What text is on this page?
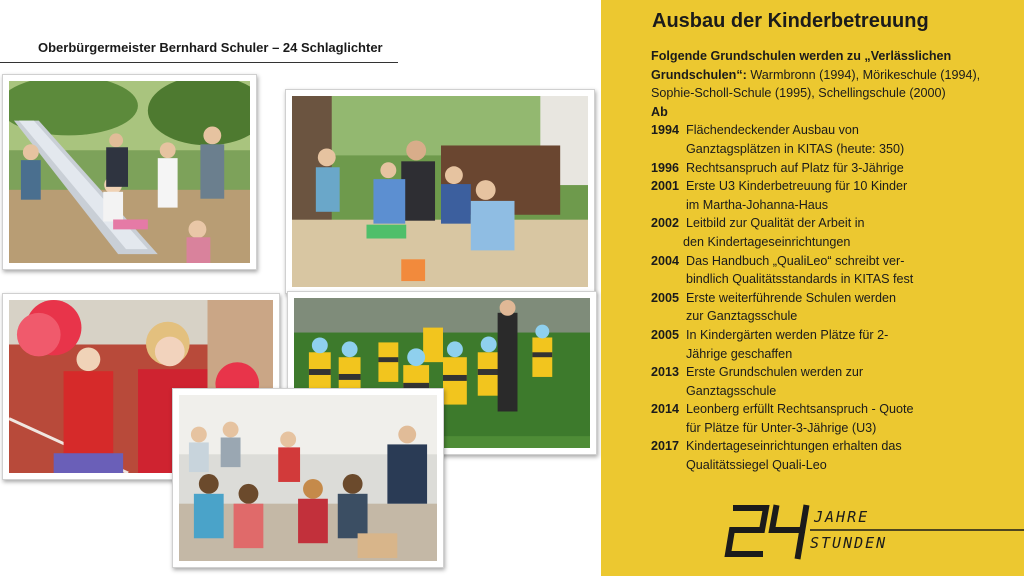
Oberbürgermeister Bernhard Schuler – 24 Schlaglichter
Ausbau der Kinderbetreuung
Folgende Grundschulen werden zu „Verlässlichen Grundschulen“: Warmbronn (1994), Mörikeschule (1994), Sophie-Scholl-Schule (1995), Schellingschule (2000)
Ab
1994 Flächendeckender Ausbau von
Ganztagsplätzen in KITAS (heute: 350)
1996 Rechtsanspruch auf Platz für 3-Jährige
2001 Erste U3 Kinderbetreuung für 10 Kinder
im Martha-Johanna-Haus
2002 Leitbild zur Qualität der Arbeit in
den Kindertageseinrichtungen
2004 Das Handbuch „QualiLeo“ schreibt ver-
bindlich Qualitätsstandards in KITAS fest
2005 Erste weiterführende Schulen werden
zur Ganztagsschule
2005 In Kindergärten werden Plätze für 2-
Jährige geschaffen
2013 Erste Grundschulen werden zur
Ganztagsschule
2014 Leonberg erfüllt Rechtsanspruch - Quote
für Plätze für Unter-3-Jährige (U3)
2017 Kindertageseinrichtungen erhalten das
Qualitätssiegel Quali-Leo
JAHRE
STUNDEN
